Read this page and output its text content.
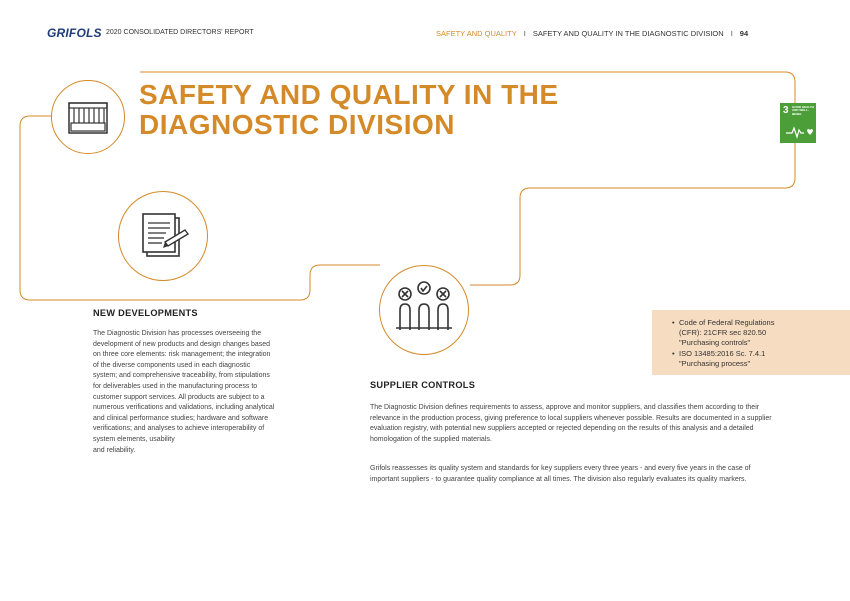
GRIFOLS 2020 CONSOLIDATED DIRECTORS' REPORT	SAFETY AND QUALITY I SAFETY AND QUALITY IN THE DIAGNOSTIC DIVISION I 94
SAFETY AND QUALITY IN THE
DIAGNOSTIC DIVISION	3 GOOD HEALTH
AND WELL-BEING
NEW DEVELOPMENTS
The Diagnostic Division has processes overseeing the
development of new products and design changes based
on three core elements: risk management; the integration
of the diverse components used in each diagnostic
system; and comprehensive traceability, from stipulations
for deliverables used in the manufacturing process to
customer support services. All products are subject to a
numerous verifications and validations, including analytical
and clinical performance studies; hardware and software
verifications; and analyses to achieve interoperability of
system elements, usability
and reliability.
• Code of Federal Regulations
(CFR): 21CFR sec 820.50
"Purchasing controls"
• ISO 13485:2016 Sc. 7.4.1
"Purchasing process"
SUPPLIER CONTROLS
The Diagnostic Division defines requirements to assess, approve and monitor suppliers, and classifies them according to their
relevance in the production process, giving preference to local suppliers whenever possible. Results are documented in a supplier
evaluation registry, with potential new suppliers accepted or rejected depending on the results of this analysis and a detailed
homologation of the supplied materials.
Grifols reassesses its quality system and standards for key suppliers every three years - and every five years in the case of
important suppliers - to guarantee quality compliance at all times. The division also regularly evaluates its quality markers.
